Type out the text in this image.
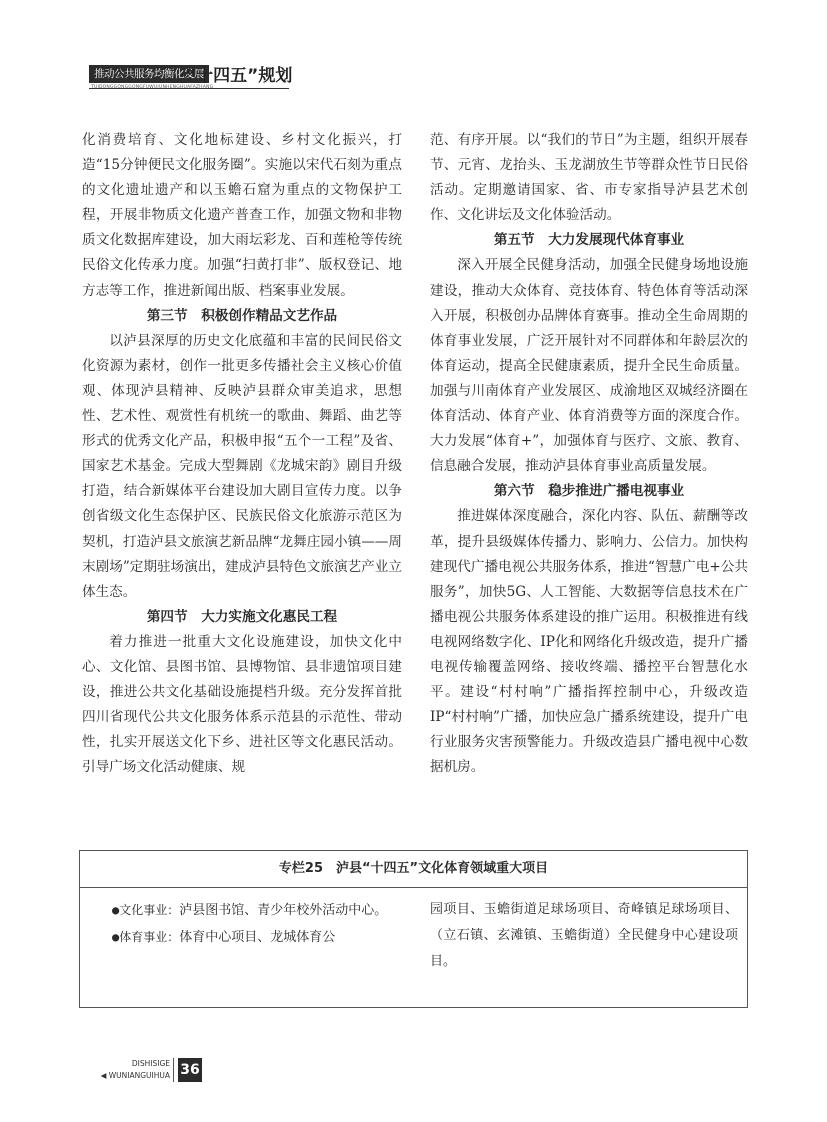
推动公共服务均衡化发展
TUIDONGGONGGONGFUWUJUNHENGHUAFAZHANG
“十四五”规划

化消费培育、文化地标建设、乡村文化振兴，打造“15分钟便民文化服务圈”。实施以宋代石刻为重点的文化遗址遗产和以玉蟾石窟为重点的文物保护工程，开展非物质文化遗产普查工作，加强文物和非物质文化数据库建设，加大雨坛彩龙、百和莲枪等传统民俗文化传承力度。加强“扫黄打非”、版权登记、地方志等工作，推进新闻出版、档案事业发展。

第三节　积极创作精品文艺作品

以泸县深厚的历史文化底蕴和丰富的民间民俗文化资源为素材，创作一批更多传播社会主义核心价值观、体现泸县精神、反映泸县群众审美追求，思想性、艺术性、观赏性有机统一的歌曲、舞蹈、曲艺等形式的优秀文化产品，积极申报“五个一工程”及省、国家艺术基金。完成大型舞剧《龙城宋韵》剧目升级打造，结合新媒体平台建设加大剧目宣传力度。以争创省级文化生态保护区、民族民俗文化旅游示范区为契机，打造泸县文旅演艺新品牌“龙舞庄园小镇——周末剧场”定期驻场演出，建成泸县特色文旅演艺产业立体生态。

第四节　大力实施文化惠民工程

着力推进一批重大文化设施建设，加快文化中心、文化馆、县图书馆、县博物馆、县非遗馆项目建设，推进公共文化基础设施提档升级。充分发挥首批四川省现代公共文化服务体系示范县的示范性、带动性，扎实开展送文化下乡、进社区等文化惠民活动。引导广场文化活动健康、规

范、有序开展。以“我们的节日”为主题，组织开展春节、元宵、龙抬头、玉龙湖放生节等群众性节日民俗活动。定期邀请国家、省、市专家指导泸县艺术创作、文化讲坛及文化体验活动。

第五节　大力发展现代体育事业

深入开展全民健身活动，加强全民健身场地设施建设，推动大众体育、竞技体育、特色体育等活动深入开展，积极创办品牌体育赛事。推动全生命周期的体育事业发展，广泛开展针对不同群体和年龄层次的体育运动，提高全民健康素质，提升全民生命质量。加强与川南体育产业发展区、成渝地区双城经济圈在体育活动、体育产业、体育消费等方面的深度合作。大力发展“体育+”，加强体育与医疗、文旅、教育、信息融合发展，推动泸县体育事业高质量发展。

第六节　稳步推进广播电视事业

推进媒体深度融合，深化内容、队伍、薪酬等改革，提升县级媒体传播力、影响力、公信力。加快构建现代广播电视公共服务体系，推进“智慧广电+公共服务”，加快5G、人工智能、大数据等信息技术在广播电视公共服务体系建设的推广运用。积极推进有线电视网络数字化、IP化和网络化升级改造，提升广播电视传输覆盖网络、接收终端、播控平台智慧化水平。建设“村村响”广播指挥控制中心，升级改造IP“村村响”广播，加快应急广播系统建设，提升广电行业服务灾害预警能力。升级改造县广播电视中心数据机房。

专栏25　泸县“十四五”文化体育领域重大项目

●文化事业：泸县图书馆、青少年校外活动中心。

●体育事业：体育中心项目、龙城体育公

园项目、玉蟾街道足球场项目、奇峰镇足球场项目、（立石镇、玄滩镇、玉蟾街道）全民健身中心建设项目。

DISHISIGE
◀ WUNIANGUIHUA 36
